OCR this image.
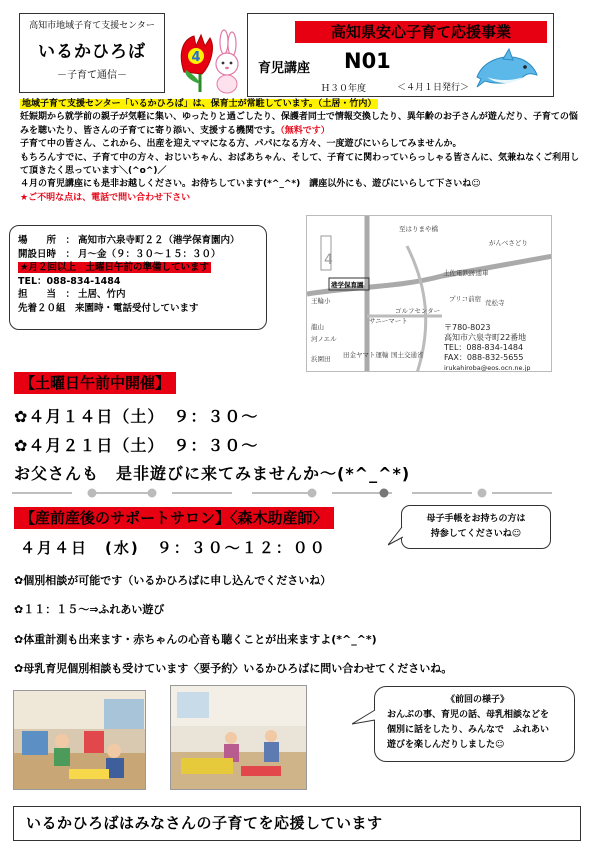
高知市地域子育て支援センター
いるかひろば
－子育て通信－
4
高知県安心子育て応援事業
育児講座 N01
Ｈ３０年度	＜４月１日発行＞
地域子育て支援センター「いるかひろば」は、保育士が常駐しています。（土居・竹内）
妊娠期から就学前の親子が気軽に集い、ゆったりと過ごしたり、保護者同士で情報交換したり、異年齢のお子さんが遊んだり、子育ての悩みを聴いたり、皆さんの子育てに寄り添い、支援する機関です。（無料です）
子育て中の皆さん、これから、出産を迎えママになる方、パパになる方々、一度遊びにいらしてみませんか。
もちろんすでに、子育て中の方々、おじいちゃん、おばあちゃん、そして、子育てに関わっていらっしゃる皆さんに、気兼ねなくご利用して頂きたく思っています＼(^o^)／
４月の育児講座にも是非お越しください。お待ちしています(*^_^*)　講座以外にも、遊びにいらして下さいね☺
★ご不明な点は、電話で問い合わせ下さい
場　　所　： 高知市六泉寺町２２（港学保育園内）
開設日時　： 月～金（９：３０～１５：３０）
★月２回以上　土曜日午前の準備しています
TEL：088-834-1484
担　　当　： 土居、竹内
先着２０組　来園時・電話受付しています
4
至はりまや橋
がんべさどり
港学保育園
土佐電鉄跡通車
王輪小
サニーマート
プリコ前宿 荒松寺
ゴルフセンター
龍山
河ノエル
浜園田 田金ヤマト運輸 国土交通省
〒780-8023
高知市六泉寺町22番地
TEL：088-834-1484
FAX：088-832-5655
irukahiroba@eos.ocn.ne.jp
【土曜日午前中開催】
✿４月１４日（土）　９：３０～
✿４月２１日（土）　９：３０～
お父さんも　是非遊びに来てみませんか～(*^_^*)
【産前産後のサポートサロン】〈森木助産師〉	母子手帳をお持ちの方は
持参してくださいね☺
４月４日　(水)　９：３０～１２：００
✿個別相談が可能です（いるかひろばに申し込んでくださいね）
✿１１：１５～⇒ふれあい遊び
✿体重計測も出来ます・赤ちゃんの心音も聴くことが出来ますよ(*^_^*)
✿母乳育児個別相談も受けています〈要予約〉いるかひろばに問い合わせてくださいね。
《前回の様子》
おんぶの事、育児の話、母乳相談などを
個別に話をしたり、みんなで　ふれあい
遊びを楽しんだりしました☺
いるかひろばはみなさんの子育てを応援しています
